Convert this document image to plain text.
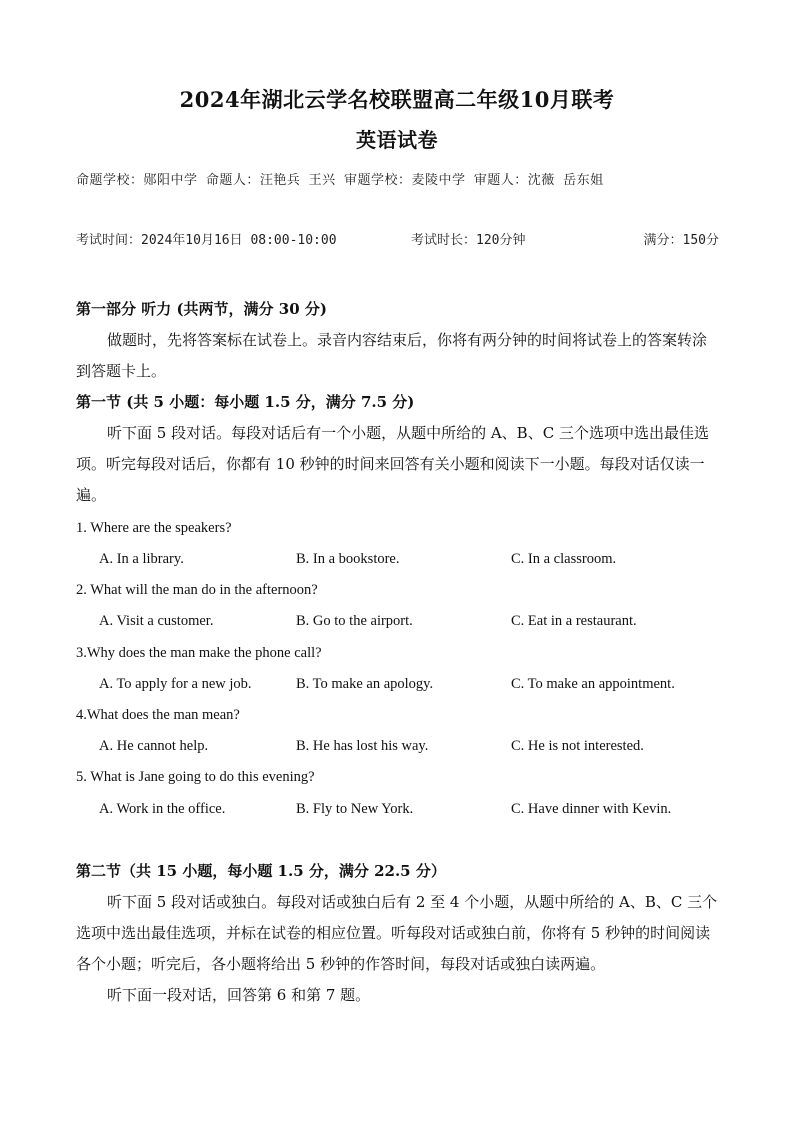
2024年湖北云学名校联盟高二年级10月联考
英语试卷
命题学校：郧阳中学 命题人：汪艳兵 王兴 审题学校：麦陵中学 审题人：沈薇 岳东姐
考试时间：2024年10月16日 08:00-10:00	考试时长：120分钟	满分：150分
第一部分 听力 (共两节，满分 30 分)
做题时，先将答案标在试卷上。录音内容结束后，你将有两分钟的时间将试卷上的答案转涂到答题卡上。
第一节 (共 5 小题：每小题 1.5 分，满分 7.5 分)
听下面 5 段对话。每段对话后有一个小题，从题中所给的 A、B、C 三个选项中选出最佳选项。听完每段对话后，你都有 10 秒钟的时间来回答有关小题和阅读下一小题。每段对话仅读一遍。
1. Where are the speakers?
A. In a library.	B. In a bookstore.	C. In a classroom.
2. What will the man do in the afternoon?
A. Visit a customer.	B. Go to the airport.	C. Eat in a restaurant.
3.Why does the man make the phone call?
A. To apply for a new job.	B. To make an apology.	C. To make an appointment.
4.What does the man mean?
A. He cannot help.	B. He has lost his way.	C. He is not interested.
5. What is Jane going to do this evening?
A. Work in the office.	B. Fly to New York.	C. Have dinner with Kevin.
第二节（共 15 小题，每小题 1.5 分，满分 22.5 分）
听下面 5 段对话或独白。每段对话或独白后有 2 至 4 个小题，从题中所给的 A、B、C 三个选项中选出最佳选项，并标在试卷的相应位置。听每段对话或独白前，你将有 5 秒钟的时间阅读各个小题；听完后，各小题将给出 5 秒钟的作答时间，每段对话或独白读两遍。
听下面一段对话，回答第 6 和第 7 题。
